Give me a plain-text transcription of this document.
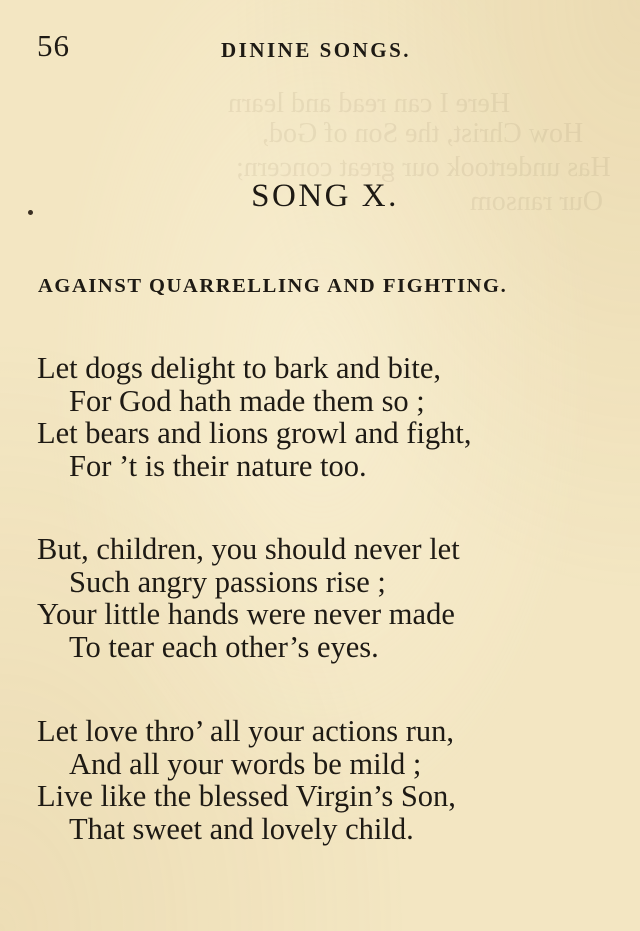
Here I can read and learn
How Christ, the Son of God,
Has undertook our great concern;
Our ransom
56	DININE SONGS.
SONG X.
AGAINST QUARRELLING AND FIGHTING.
Let dogs delight to bark and bite,
For God hath made them so ;
Let bears and lions growl and fight,
For ’t is their nature too.
But, children, you should never let
Such angry passions rise ;
Your little hands were never made
To tear each other’s eyes.
Let love thro’ all your actions run,
And all your words be mild ;
Live like the blessed Virgin’s Son,
That sweet and lovely child.
